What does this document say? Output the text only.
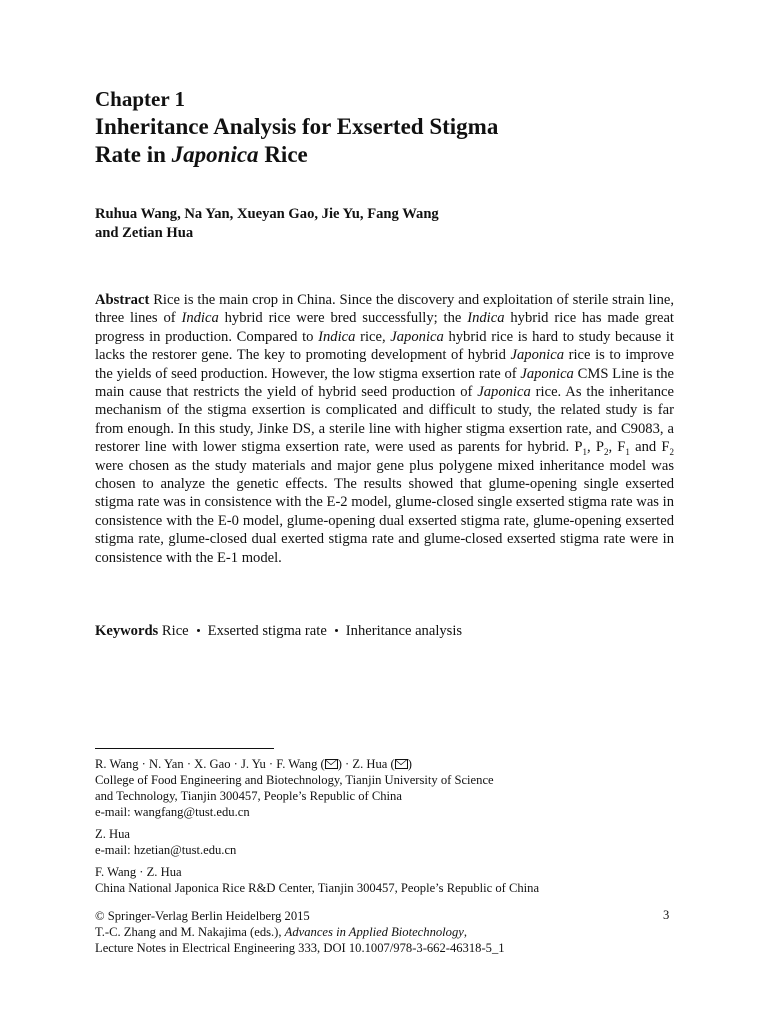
Chapter 1
Inheritance Analysis for Exserted Stigma
Rate in Japonica Rice
Ruhua Wang, Na Yan, Xueyan Gao, Jie Yu, Fang Wang
and Zetian Hua
Abstract Rice is the main crop in China. Since the discovery and exploitation of sterile strain line, three lines of Indica hybrid rice were bred successfully; the Indica hybrid rice has made great progress in production. Compared to Indica rice, Japonica hybrid rice is hard to study because it lacks the restorer gene. The key to promoting development of hybrid Japonica rice is to improve the yields of seed production. However, the low stigma exsertion rate of Japonica CMS Line is the main cause that restricts the yield of hybrid seed production of Japonica rice. As the inheritance mechanism of the stigma exsertion is complicated and difficult to study, the related study is far from enough. In this study, Jinke DS, a sterile line with higher stigma exsertion rate, and C9083, a restorer line with lower stigma exsertion rate, were used as parents for hybrid. $P_1$, $P_2$, $F_1$ and $F_2$ were chosen as the study materials and major gene plus polygene mixed inheritance model was chosen to analyze the genetic effects. The results showed that glume-opening single exserted stigma rate was in consistence with the E-2 model, glume-closed single exserted stigma rate was in consistence with the E-0 model, glume-opening dual exserted stigma rate, glume-opening exserted stigma rate, glume-closed dual exerted stigma rate and glume-closed exserted stigma rate were in consistence with the E-1 model.
Keywords Rice Exserted stigma rate Inheritance analysis
R. Wang · N. Yan · X. Gao · J. Yu · F. Wang ( ) · Z. Hua ( )
College of Food Engineering and Biotechnology, Tianjin University of Science
and Technology, Tianjin 300457, People’s Republic of China
e-mail: wangfang@tust.edu.cn
Z. Hua
e-mail: hzetian@tust.edu.cn
F. Wang · Z. Hua
China National Japonica Rice R&D Center, Tianjin 300457, People’s Republic of China
© Springer-Verlag Berlin Heidelberg 2015	3
T.-C. Zhang and M. Nakajima (eds.), Advances in Applied Biotechnology,
Lecture Notes in Electrical Engineering 333, DOI 10.1007/978-3-662-46318-5_1
